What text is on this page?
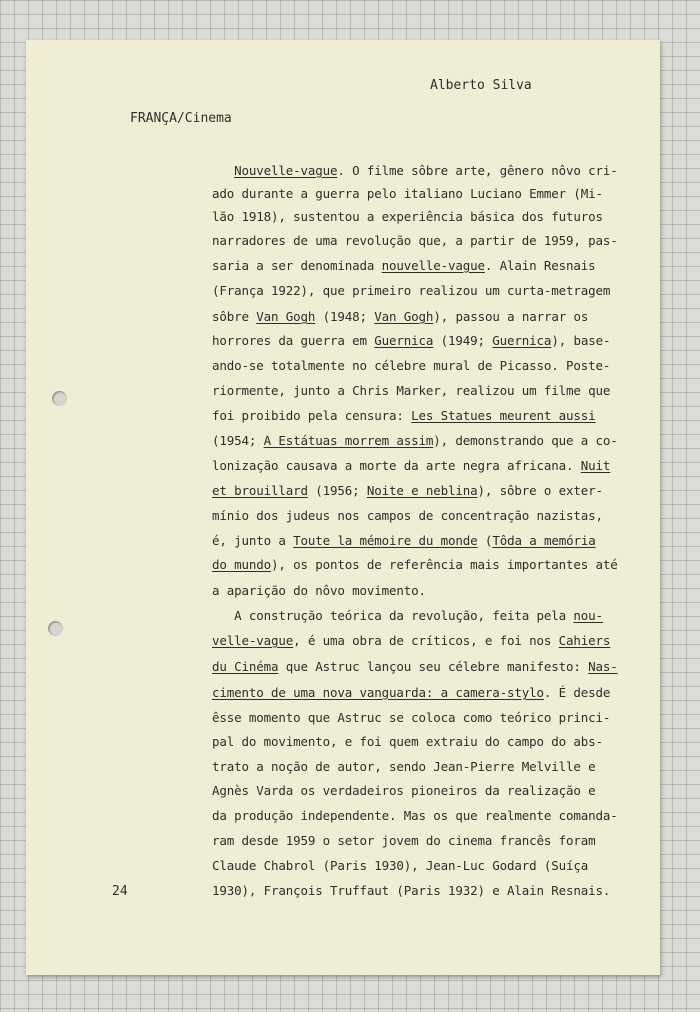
Alberto Silva
FRANÇA/Cinema
Nouvelle-vague. O filme sôbre arte, gênero nôvo cri-
ado durante a guerra pelo italiano Luciano Emmer (Mi-
lão 1918), sustentou a experiência básica dos futuros
narradores de uma revolução que, a partir de 1959, pas-
saria a ser denominada nouvelle-vague. Alain Resnais
(França 1922), que primeiro realizou um curta-metragem
sôbre Van Gogh (1948; Van Gogh), passou a narrar os
horrores da guerra em Guernica (1949; Guernica), base-
ando-se totalmente no célebre mural de Picasso. Poste-
riormente, junto a Chris Marker, realizou um filme que
foi proibido pela censura: Les Statues meurent aussi
(1954; A Estátuas morrem assim), demonstrando que a co-
lonização causava a morte da arte negra africana. Nuit
et brouillard (1956; Noite e neblina), sôbre o exter-
mínio dos judeus nos campos de concentração nazistas,
é, junto a Toute la mémoire du monde (Tôda a memória
do mundo), os pontos de referência mais importantes até
a aparição do nôvo movimento.
A construção teórica da revolução, feita pela nou-
velle-vague, é uma obra de críticos, e foi nos Cahiers
du Cinéma que Astruc lançou seu célebre manifesto: Nas-
cimento de uma nova vanguarda: a camera-stylo. É desde
êsse momento que Astruc se coloca como teórico princi-
pal do movimento, e foi quem extraiu do campo do abs-
trato a noção de autor, sendo Jean-Pierre Melville e
Agnès Varda os verdadeiros pioneiros da realização e
da produção independente. Mas os que realmente comanda-
ram desde 1959 o setor jovem do cinema francês foram
Claude Chabrol (Paris 1930), Jean-Luc Godard (Suíça
1930), François Truffaut (Paris 1932) e Alain Resnais.
24
